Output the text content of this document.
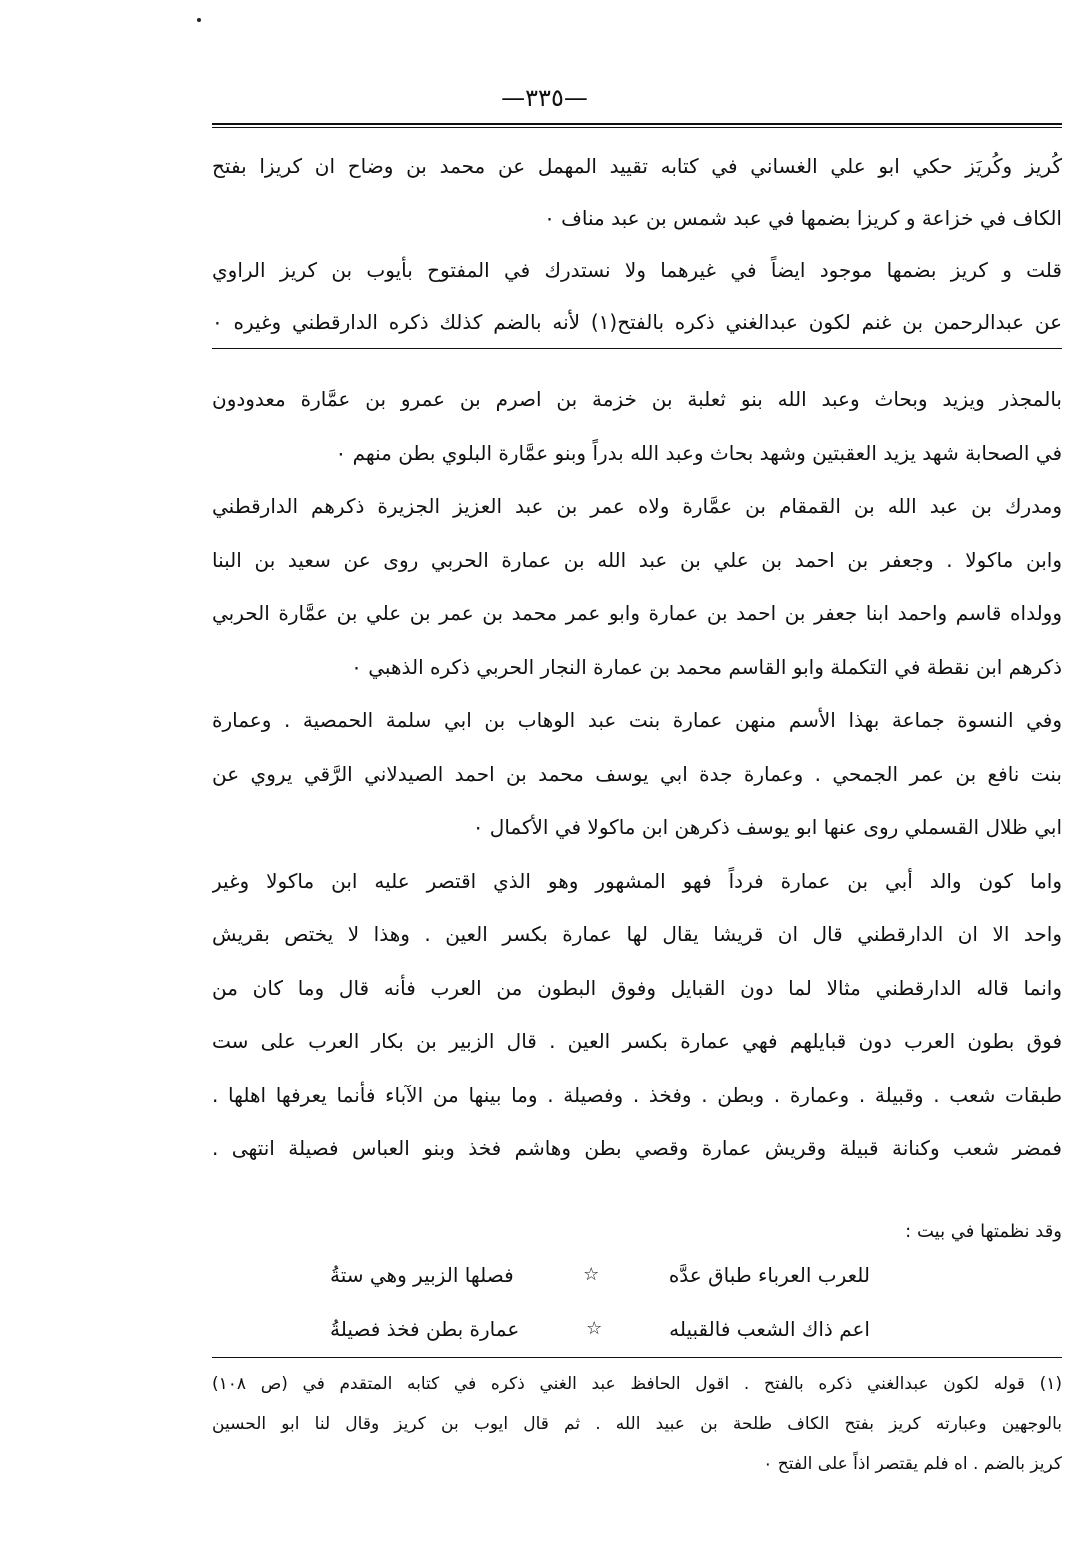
—٣٣٥—
كُريز وكُريَز حكي ابو علي الغساني في كتابه تقييد المهمل عن محمد بن وضاح ان كريزا بفتح
الكاف في خزاعة و كريزا بضمها في عبد شمس بن عبد مناف ٠
قلت و كريز بضمها موجود ايضاً في غيرهما ولا نستدرك في المفتوح بأيوب بن كريز الراوي
عن عبدالرحمن بن غنم لكون عبدالغني ذكره بالفتح(١) لأنه بالضم كذلك ذكره الدارقطني وغيره ٠
بالمجذر ويزيد وبحاث وعبد الله بنو ثعلبة بن خزمة بن اصرم بن عمرو بن عمَّارة معدودون
في الصحابة شهد يزيد العقبتين وشهد بحاث وعبد الله بدراً وبنو عمَّارة البلوي بطن منهم ٠
ومدرك بن عبد الله بن القمقام بن عمَّارة ولاه عمر بن عبد العزيز الجزيرة ذكرهم الدارقطني
وابن ماكولا . وجعفر بن احمد بن علي بن عبد الله بن عمارة الحربي روى عن سعيد بن البنا
وولداه قاسم واحمد ابنا جعفر بن احمد بن عمارة وابو عمر محمد بن عمر بن علي بن عمَّارة الحربي
ذكرهم ابن نقطة في التكملة وابو القاسم محمد بن عمارة النجار الحربي ذكره الذهبي ٠
وفي النسوة جماعة بهذا الأسم منهن عمارة بنت عبد الوهاب بن ابي سلمة الحمصية . وعمارة
بنت نافع بن عمر الجمحي . وعمارة جدة ابي يوسف محمد بن احمد الصيدلاني الرَّقي يروي عن
ابي ظلال القسملي روى عنها ابو يوسف ذكرهن ابن ماكولا في الأكمال ٠
واما كون والد أبي بن عمارة فرداً فهو المشهور وهو الذي اقتصر عليه ابن ماكولا وغير
واحد الا ان الدارقطني قال ان قريشا يقال لها عمارة بكسر العين . وهذا لا يختص بقريش
وانما قاله الدارقطني مثالا لما دون القبايل وفوق البطون من العرب فأنه قال وما كان من
فوق بطون العرب دون قبايلهم فهي عمارة بكسر العين . قال الزبير بن بكار العرب على ست
طبقات شعب . وقبيلة . وعمارة . وبطن . وفخذ . وفصيلة . وما بينها من الآباء فأنما يعرفها اهلها .
فمضر شعب وكنانة قبيلة وقريش عمارة وقصي بطن وهاشم فخذ وبنو العباس فصيلة انتهى .
وقد نظمتها في بيت :
للعرب العرباء طباق عدَّه
☆
فصلها الزبير وهي ستةُ
اعم ذاك الشعب فالقبيله
☆
عمارة بطن فخذ فصيلةُ
(١) قوله لكون عبدالغني ذكره بالفتح . اقول الحافظ عبد الغني ذكره في كتابه المتقدم في (ص ١٠٨)
بالوجهين وعبارته كريز بفتح الكاف طلحة بن عبيد الله . ثم قال ايوب بن كريز وقال لنا ابو الحسين
كريز بالضم . اه فلم يقتصر اذاً على الفتح ٠
